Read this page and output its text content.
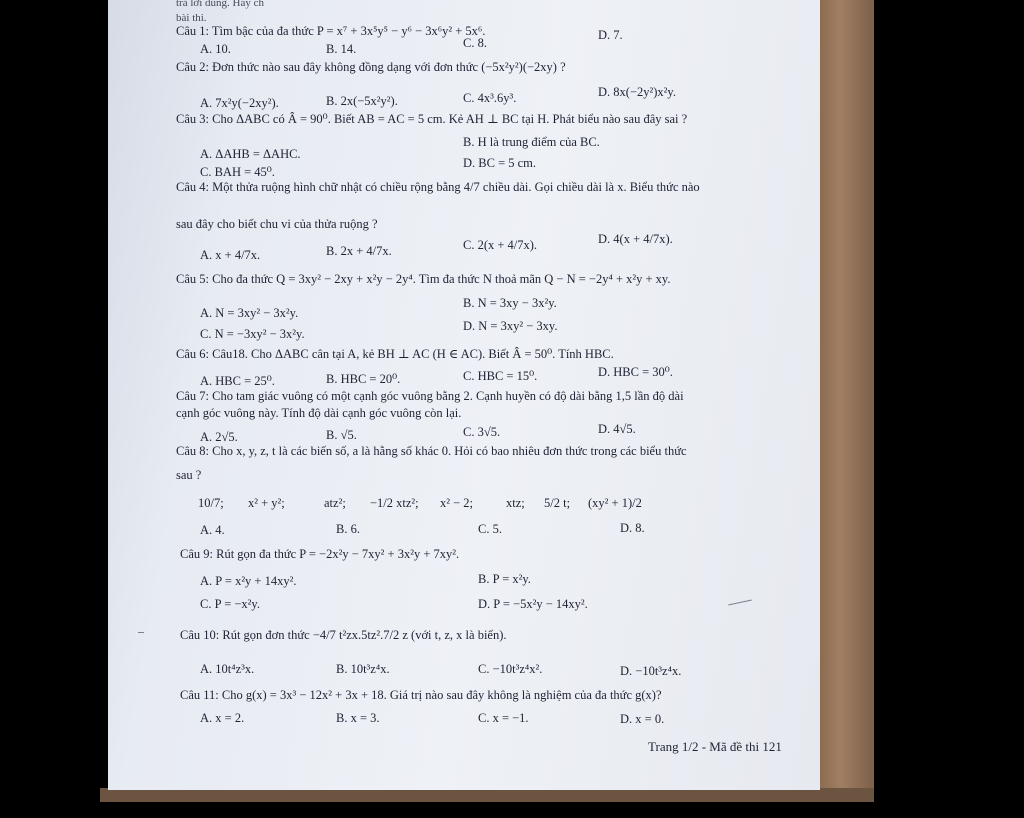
trả lời đúng. Hãy ch
bài thi.
Câu 1: Tìm bậc của đa thức P = x⁷ + 3x⁵y⁵ − y⁶ − 3x⁶y² + 5x⁶.
A. 10.	B. 14.	C. 8.
D. 7.
Câu 2: Đơn thức nào sau đây không đồng dạng với đơn thức (−5x²y²)(−2xy) ?
A. 7x²y(−2xy²).	B. 2x(−5x²y²).	C. 4x³.6y³.	D. 8x(−2y²)x²y.
Câu 3: Cho ΔABC có Â = 90⁰. Biết AB = AC = 5 cm. Kẻ AH ⊥ BC tại H. Phát biểu nào sau đây sai ?
A. ΔAHB = ΔAHC.
B. H là trung điểm của BC.
C. BAH = 45⁰.
D. BC = 5 cm.
Câu 4: Một thửa ruộng hình chữ nhật có chiều rộng bằng 4/7 chiều dài. Gọi chiều dài là x. Biểu thức nào
sau đây cho biết chu vi của thửa ruộng ?
A. x + 4/7x.	B. 2x + 4/7x.	C. 2(x + 4/7x).	D. 4(x + 4/7x).
Câu 5: Cho đa thức Q = 3xy² − 2xy + x²y − 2y⁴. Tìm đa thức N thoả mãn Q − N = −2y⁴ + x²y + xy.
A. N = 3xy² − 3x²y.
B. N = 3xy − 3x²y.
C. N = −3xy² − 3x²y.
D. N = 3xy² − 3xy.
Câu 6: Câu18. Cho ΔABC cân tại A, kẻ BH ⊥ AC (H ∈ AC). Biết Â = 50⁰. Tính HBC.
A. HBC = 25⁰.	B. HBC = 20⁰.	C. HBC = 15⁰.	D. HBC = 30⁰.
Câu 7: Cho tam giác vuông có một cạnh góc vuông bằng 2. Cạnh huyền có độ dài bằng 1,5 lần độ dài
cạnh góc vuông này. Tính độ dài cạnh góc vuông còn lại.
A. 2√5.	B. √5.	C. 3√5.	D. 4√5.
Câu 8: Cho x, y, z, t là các biến số, a là hằng số khác 0. Hỏi có bao nhiêu đơn thức trong các biểu thức
sau ?
10/7; x² + y²;	atz²; −1/2 xtz²; x² − 2;	xtz; 5/2 t; (xy² + 1)/2
A. 4.	B. 6.	C. 5.	D. 8.
Câu 9: Rút gọn đa thức P = −2x²y − 7xy² + 3x²y + 7xy².
A. P = x²y + 14xy².	B. P = x²y.
C. P = −x²y.	D. P = −5x²y − 14xy².
Câu 10: Rút gọn đơn thức −4/7 t²zx.5tz².7/2 z (với t, z, x là biến).
A. 10t⁴z³x.	B. 10t³z⁴x.	C. −10t³z⁴x².	D. −10t³z⁴x.
Câu 11: Cho g(x) = 3x³ − 12x² + 3x + 18. Giá trị nào sau đây không là nghiệm của đa thức g(x)?
A. x = 2.	B. x = 3.	C. x = −1.	D. x = 0.
Trang 1/2 - Mã đề thi 121
